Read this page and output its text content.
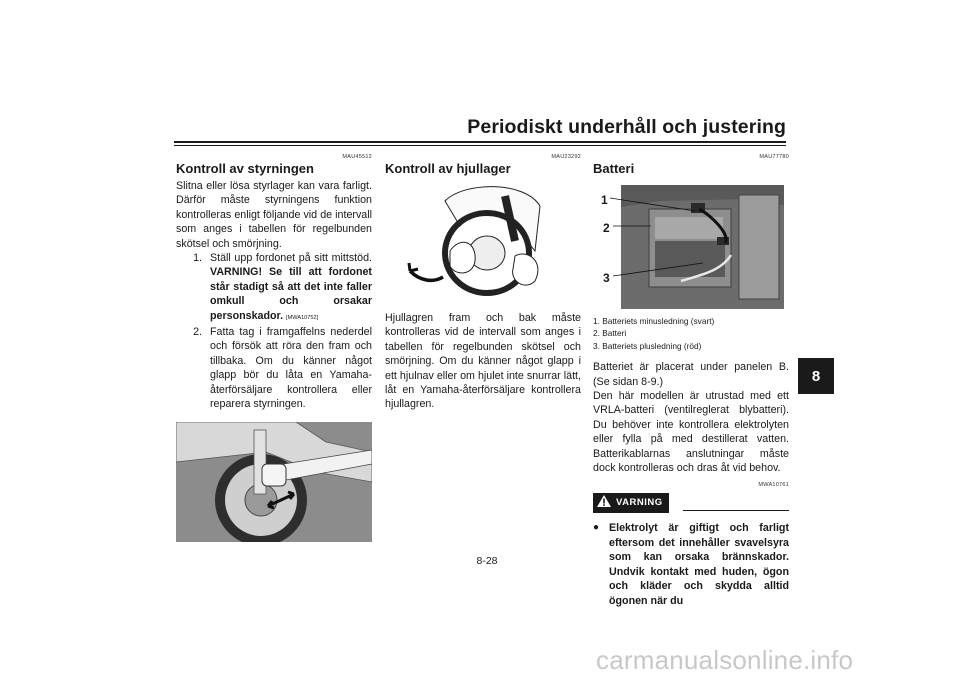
Periodiskt underhåll och justering
8
MAU45512
Kontroll av styrningen
Slitna eller lösa styrlager kan vara farligt. Därför måste styrningens funktion kontrolleras enligt följande vid de intervall som anges i tabellen för regelbunden skötsel och smörjning.
1. Ställ upp fordonet på sitt mittstöd. VARNING! Se till att fordonet står stadigt så att det inte faller omkull och orsakar personskador. [MWA10752]
2. Fatta tag i framgaffelns nederdel och försök att röra den fram och tillbaka. Om du känner något glapp bör du låta en Yamaha-återförsäljare kontrollera eller reparera styrningen.
MAU23292
Kontroll av hjullager
Hjullagren fram och bak måste kontrolleras vid de intervall som anges i tabellen för regelbunden skötsel och smörjning. Om du känner något glapp i ett hjulnav eller om hjulet inte snurrar lätt, låt en Yamaha-återförsäljare kontrollera hjullagren.
MAU77780
Batteri
1
2
3
1. Batteriets minusledning (svart)
2. Batteri
3. Batteriets plusledning (röd)
Batteriet är placerat under panelen B. (Se sidan 8-9.)
Den här modellen är utrustad med ett VRLA-batteri (ventilreglerat blybatteri). Du behöver inte kontrollera elektrolyten eller fylla på med destillerat vatten. Batterikablarnas anslutningar måste dock kontrolleras och dras åt vid behov.
MWA10761
VARNING
● Elektrolyt är giftigt och farligt eftersom det innehåller svavelsyra som kan orsaka brännskador. Undvik kontakt med huden, ögon och kläder och skydda alltid ögonen när du
8-28
carmanualsonline.info
